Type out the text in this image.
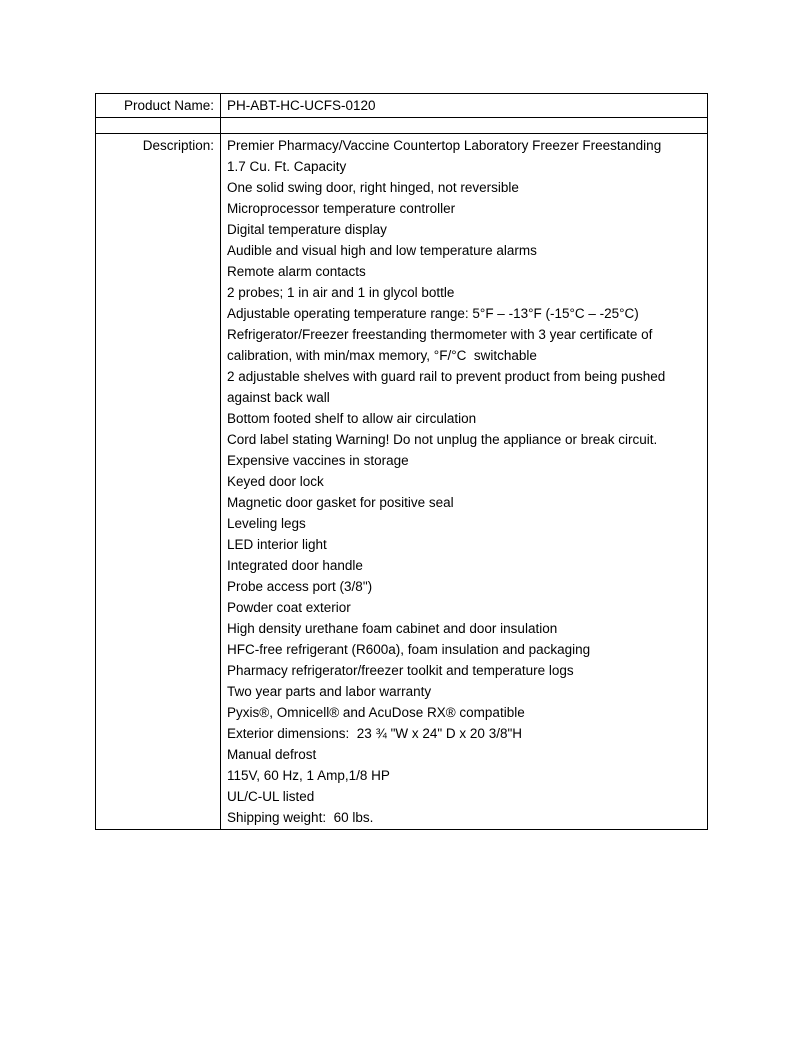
Product Name:	PH-ABT-HC-UCFS-0120

Description:	Premier Pharmacy/Vaccine Countertop Laboratory Freezer Freestanding
1.7 Cu. Ft. Capacity
One solid swing door, right hinged, not reversible
Microprocessor temperature controller
Digital temperature display
Audible and visual high and low temperature alarms
Remote alarm contacts
2 probes; 1 in air and 1 in glycol bottle
Adjustable operating temperature range: 5°F – -13°F (-15°C – -25°C)
Refrigerator/Freezer freestanding thermometer with 3 year certificate of calibration, with min/max memory, °F/°C  switchable
2 adjustable shelves with guard rail to prevent product from being pushed against back wall
Bottom footed shelf to allow air circulation
Cord label stating Warning! Do not unplug the appliance or break circuit. Expensive vaccines in storage
Keyed door lock
Magnetic door gasket for positive seal
Leveling legs
LED interior light
Integrated door handle
Probe access port (3/8")
Powder coat exterior
High density urethane foam cabinet and door insulation
HFC-free refrigerant (R600a), foam insulation and packaging
Pharmacy refrigerator/freezer toolkit and temperature logs
Two year parts and labor warranty
Pyxis®, Omnicell® and AcuDose RX® compatible
Exterior dimensions:  23 ¾ "W x 24" D x 20 3/8"H
Manual defrost
115V, 60 Hz, 1 Amp,1/8 HP
UL/C-UL listed
Shipping weight:  60 lbs.
